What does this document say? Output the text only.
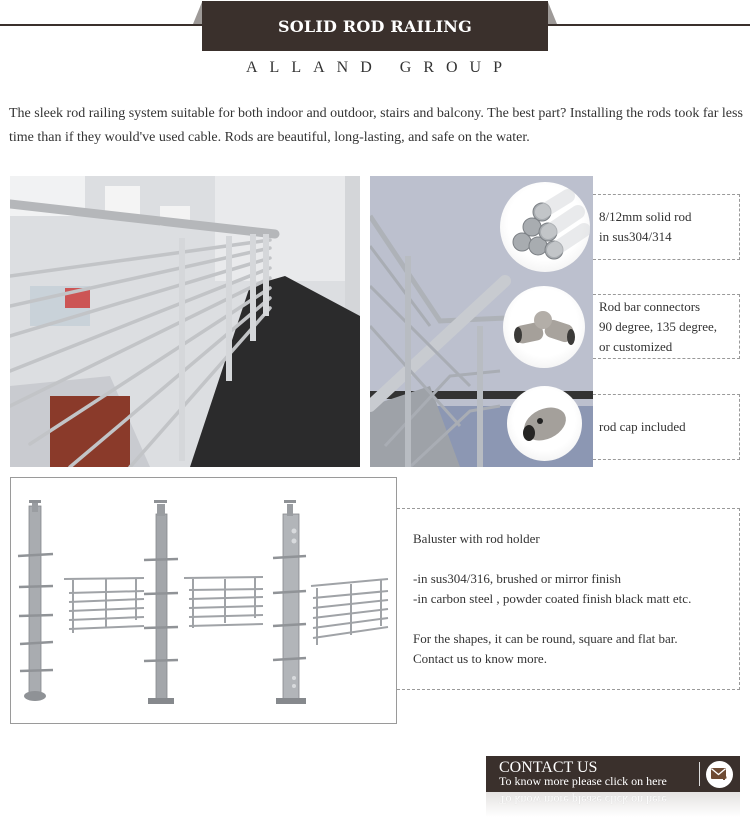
SOLID ROD RAILING
ALLAND GROUP

The sleek rod railing system suitable for both indoor and outdoor, stairs and balcony. The best part? Installing the rods took far less time than if they would've used cable. Rods are beautiful, long-lasting, and safe on the water.

8/12mm solid rod
in sus304/314
Rod bar connectors
90 degree, 135 degree,
or customized
rod cap included

Baluster with rod holder

-in sus304/316, brushed or mirror finish

-in carbon steel , powder coated finish black matt etc.

For the shapes, it can be round, square and flat bar.

Contact us to know more.

CONTACT US
To know more please click on here
To know more please click on here
